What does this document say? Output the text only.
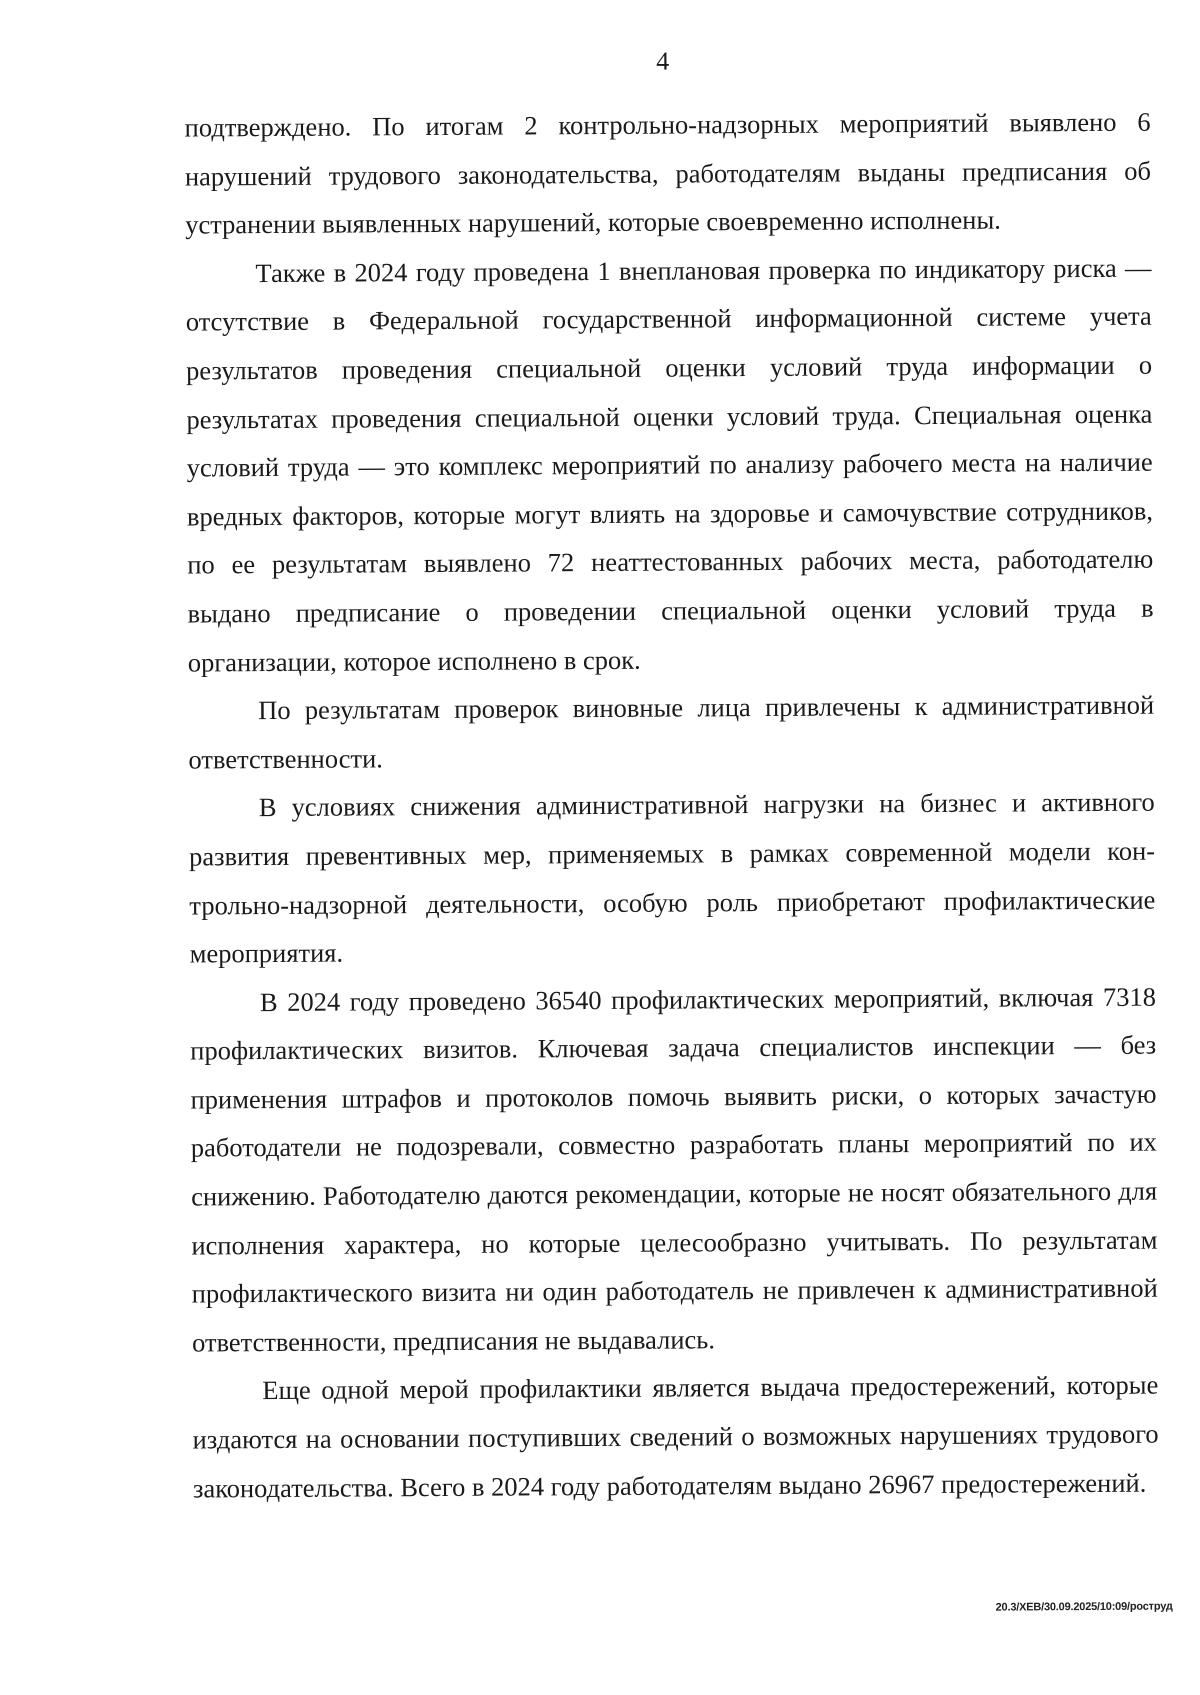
4

подтверждено. По итогам 2 контрольно-надзорных мероприятий выявлено 6 нарушений трудового законодательства, работодателям выданы предписания об устранении выявленных нарушений, которые своевременно исполнены.

Также в 2024 году проведена 1 внеплановая проверка по индикатору риска — отсутствие в Федеральной государственной информационной системе учета результатов проведения специальной оценки условий труда информации о результатах проведения специальной оценки условий труда. Специальная оценка условий труда — это комплекс мероприятий по анализу рабочего места на наличие вредных факторов, которые могут влиять на здоровье и самочувствие сотрудников, по ее результатам выявлено 72 неаттестованных рабочих места, работодателю выдано предписание о проведении специальной оценки условий труда в организации, которое исполнено в срок.

По результатам проверок виновные лица привлечены к административной ответственности.

В условиях снижения административной нагрузки на бизнес и активного развития превентивных мер, применяемых в рамках современной модели контрольно-надзорной деятельности, особую роль приобретают профилактические мероприятия.

В 2024 году проведено 36540 профилактических мероприятий, включая 7318 профилактических визитов. Ключевая задача специалистов инспекции — без применения штрафов и протоколов помочь выявить риски, о которых зачастую работодатели не подозревали, совместно разработать планы мероприятий по их снижению. Работодателю даются рекомендации, которые не носят обязательного для исполнения характера, но которые целесообразно учитывать. По результатам профилактического визита ни один работодатель не привлечен к административной ответственности, предписания не выдавались.

Еще одной мерой профилактики является выдача предостережений, которые издаются на основании поступивших сведений о возможных нарушениях трудового законодательства. Всего в 2024 году работодателям выдано 26967 предостережений.

20.3/ХЕВ/30.09.2025/10:09/роструд
